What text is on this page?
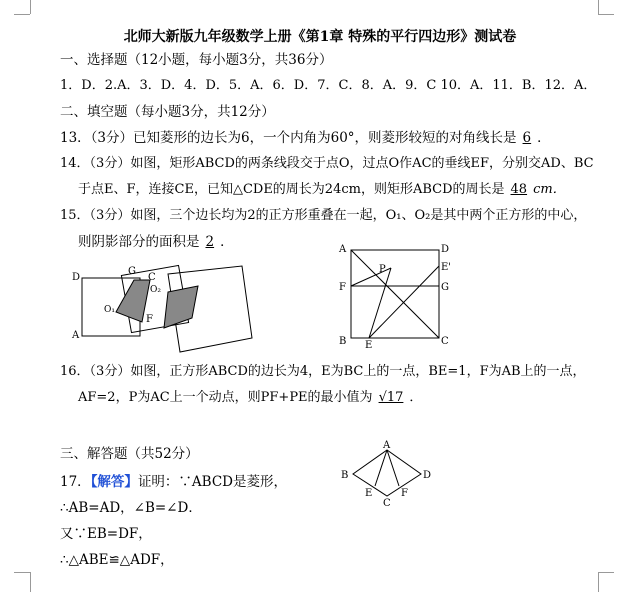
北师大新版九年级数学上册《第1章 特殊的平行四边形》测试卷
一、选择题（12小题，每小题3分，共36分）
1．D．2.A．3．D．4．D．5．A．6．D．7．C．8．A．9．C 10．A．11．B．12．A．
二、填空题（每小题3分，共12分）
13．（3分）已知菱形的边长为6，一个内角为60°，则菱形较短的对角线长是 6 ．
14．（3分）如图，矩形ABCD的两条线段交于点O，过点O作AC的垂线EF，分别交AD、BC
于点E、F，连接CE，已知△CDE的周长为24cm，则矩形ABCD的周长是 48 cm．
15．（3分）如图，三个边长均为2的正方形重叠在一起，O₁、O₂是其中两个正方形的中心，
则阴影部分的面积是 2 ．
D
G
C
O₂
O₁
F
A
A	D
E'
P
F	G
B E	C
16．（3分）如图，正方形ABCD的边长为4，E为BC上的一点，BE=1，F为AB上的一点，
AF=2，P为AC上一个动点，则PF+PE的最小值为 √17 ．
三、解答题（共52分）
A
B	D
E	F
C
17．【解答】证明：∵ABCD是菱形，
∴AB=AD，∠B=∠D．
又∵EB=DF，
∴△ABE≌△ADF，
